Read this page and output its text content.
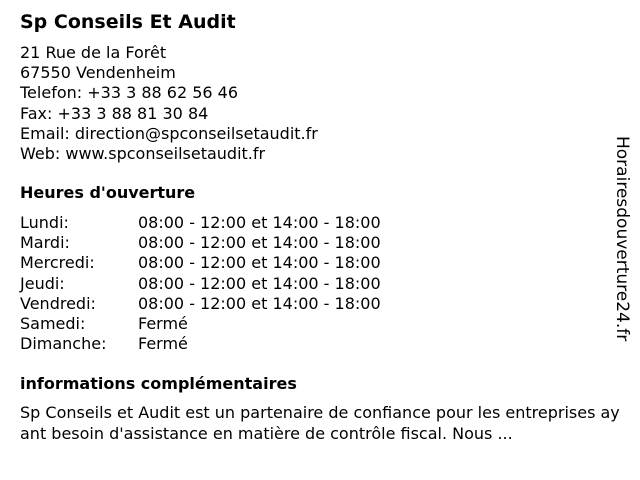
Sp Conseils Et Audit
21 Rue de la Forêt
67550 Vendenheim
Telefon: +33 3 88 62 56 46
Fax: +33 3 88 81 30 84
Email: direction@spconseilsetaudit.fr
Web: www.spconseilsetaudit.fr
Heures d'ouverture
Lundi:	08:00 - 12:00 et 14:00 - 18:00
Mardi:	08:00 - 12:00 et 14:00 - 18:00
Mercredi:	08:00 - 12:00 et 14:00 - 18:00
Jeudi:	08:00 - 12:00 et 14:00 - 18:00
Vendredi:	08:00 - 12:00 et 14:00 - 18:00
Samedi:	Fermé
Dimanche: Fermé
informations complémentaires

Sp Conseils et Audit est un partenaire de confiance pour les entreprises ayant besoin d'assistance en matière de contrôle fiscal. Nous ...

Horairesdouverture24.fr
